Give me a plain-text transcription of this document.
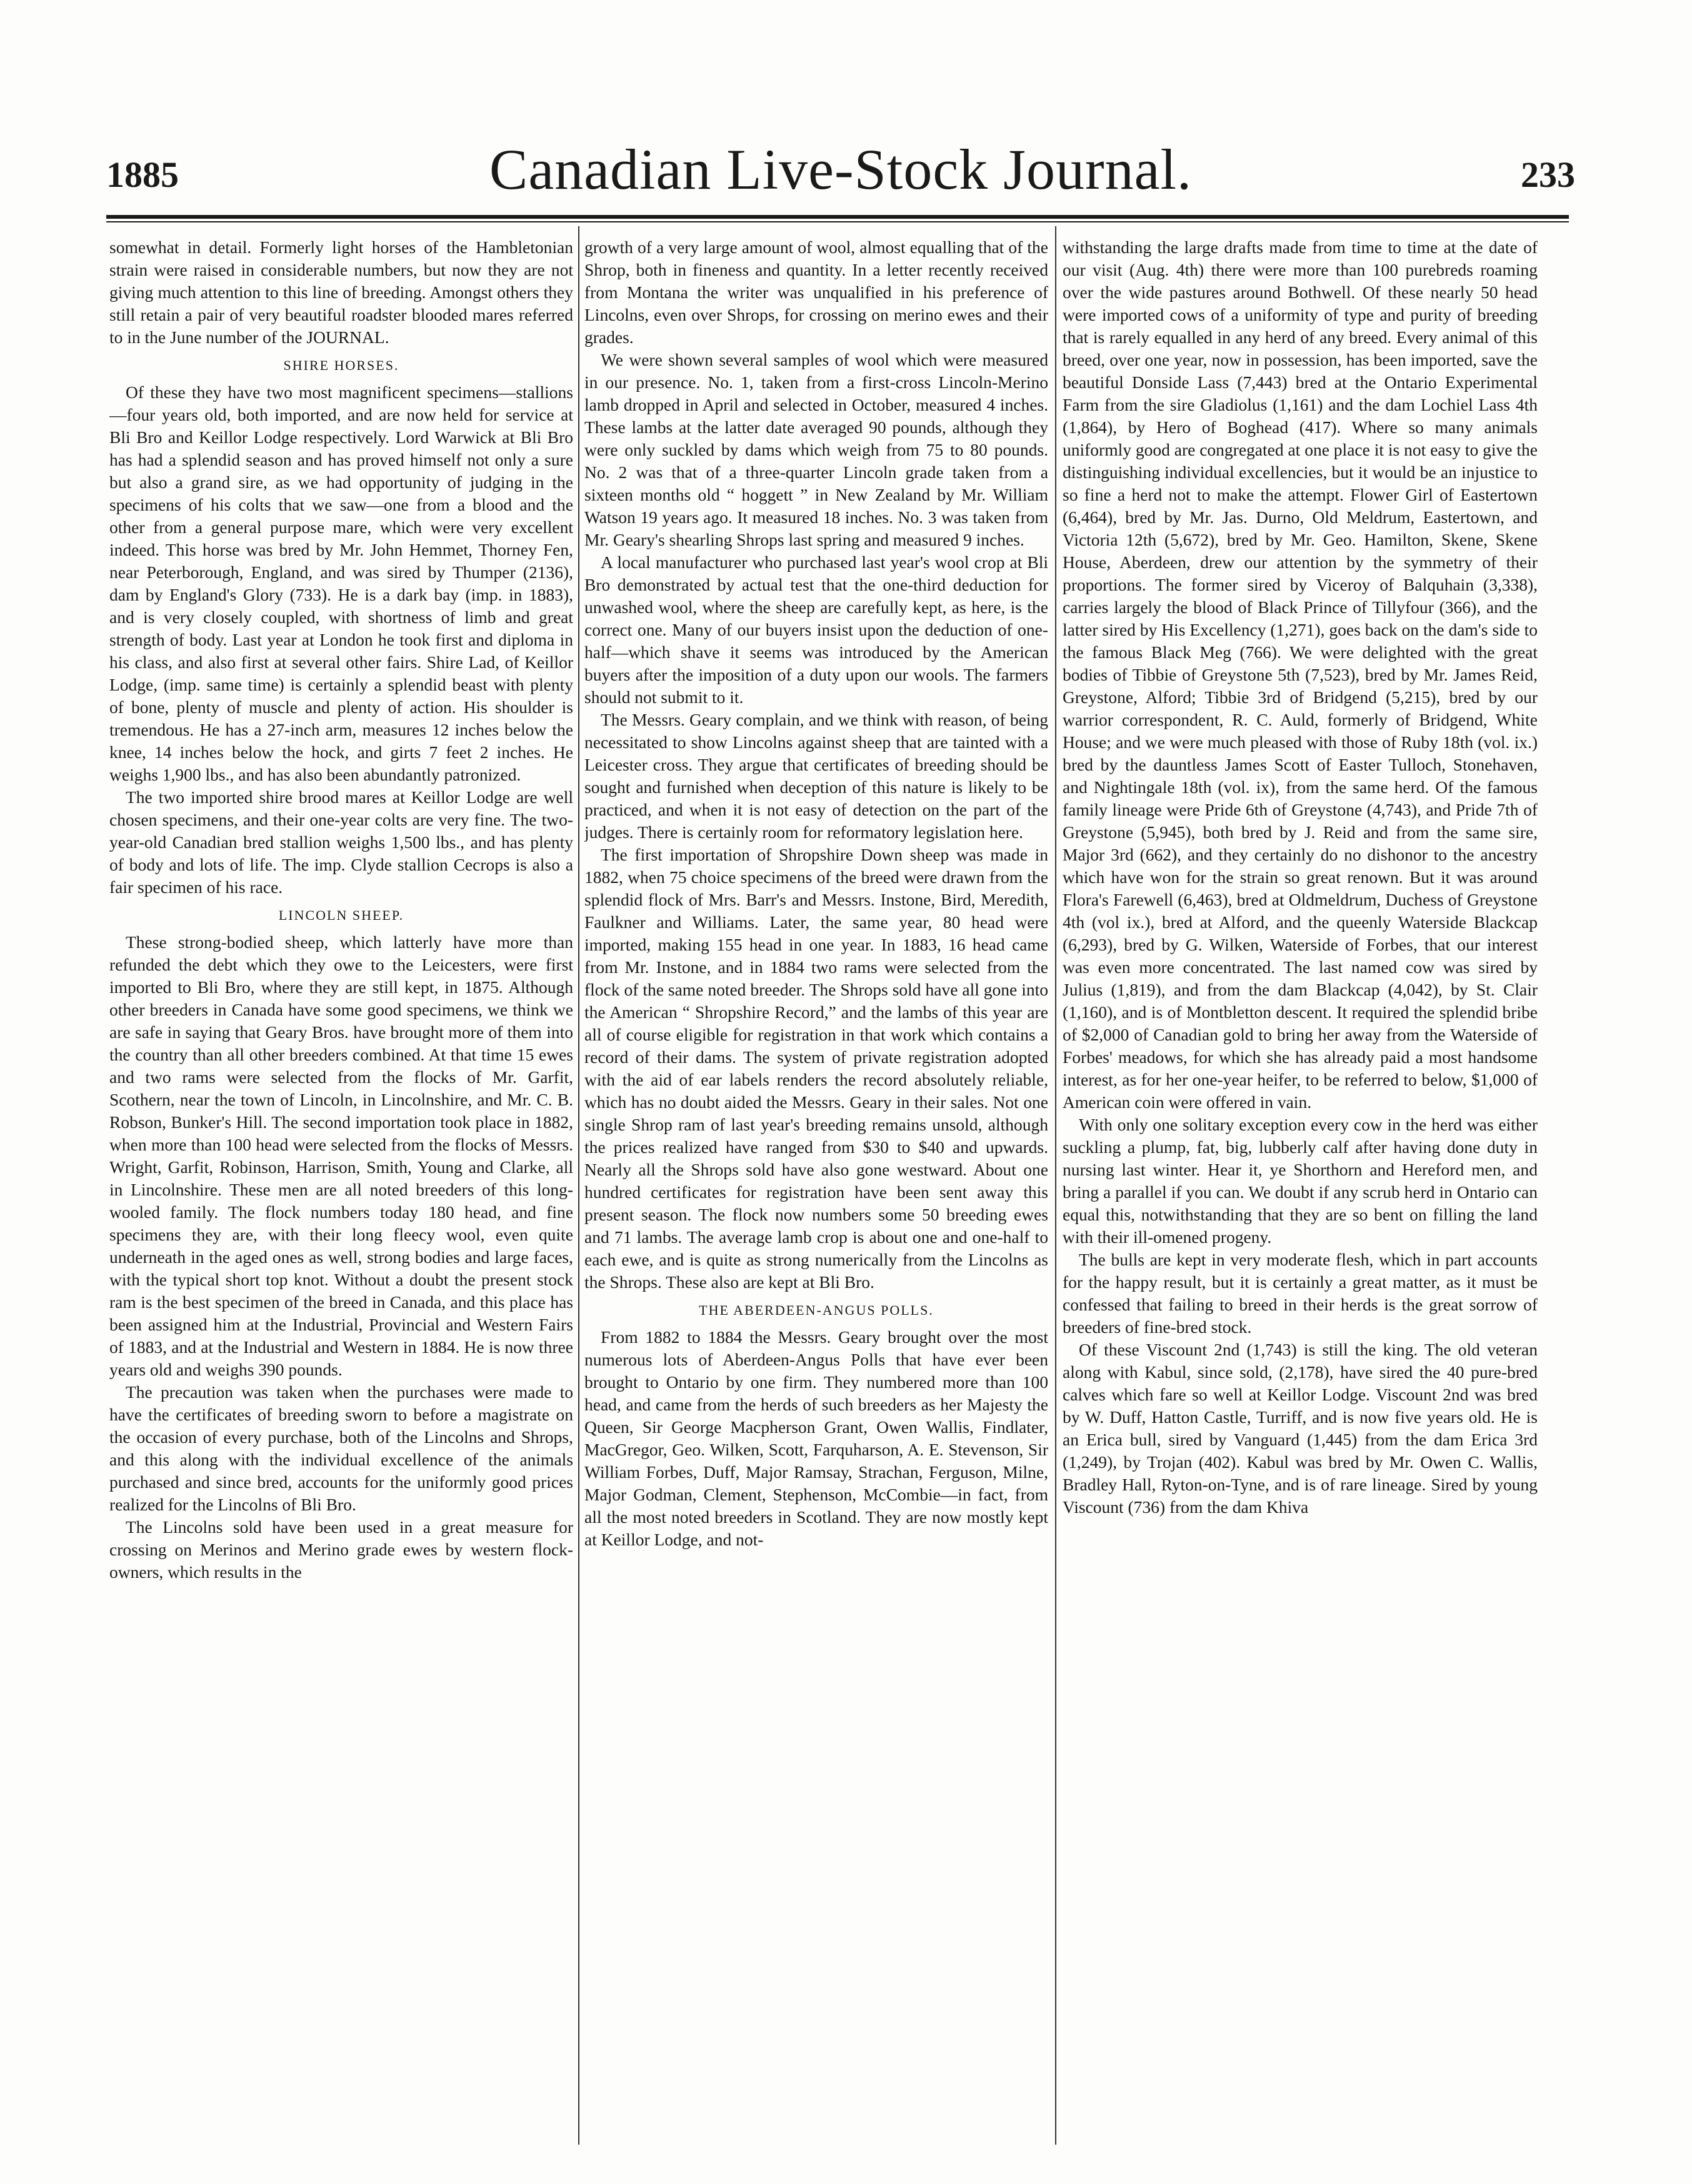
1885	Canadian Live-Stock Journal.	233

somewhat in detail. Formerly light horses of the Hambletonian strain were raised in considerable numbers, but now they are not giving much attention to this line of breeding. Amongst others they still retain a pair of very beautiful roadster blooded mares referred to in the June number of the JOURNAL.

SHIRE HORSES.

Of these they have two most magnificent specimens—stallions—four years old, both imported, and are now held for service at Bli Bro and Keillor Lodge respectively. Lord Warwick at Bli Bro has had a splendid season and has proved himself not only a sure but also a grand sire, as we had opportunity of judging in the specimens of his colts that we saw—one from a blood and the other from a general purpose mare, which were very excellent indeed. This horse was bred by Mr. John Hemmet, Thorney Fen, near Peterborough, England, and was sired by Thumper (2136), dam by England's Glory (733). He is a dark bay (imp. in 1883), and is very closely coupled, with shortness of limb and great strength of body. Last year at London he took first and diploma in his class, and also first at several other fairs. Shire Lad, of Keillor Lodge, (imp. same time) is certainly a splendid beast with plenty of bone, plenty of muscle and plenty of action. His shoulder is tremendous. He has a 27-inch arm, measures 12 inches below the knee, 14 inches below the hock, and girts 7 feet 2 inches. He weighs 1,900 lbs., and has also been abundantly patronized.

The two imported shire brood mares at Keillor Lodge are well chosen specimens, and their one-year colts are very fine. The two-year-old Canadian bred stallion weighs 1,500 lbs., and has plenty of body and lots of life. The imp. Clyde stallion Cecrops is also a fair specimen of his race.

LINCOLN SHEEP.

These strong-bodied sheep, which latterly have more than refunded the debt which they owe to the Leicesters, were first imported to Bli Bro, where they are still kept, in 1875. Although other breeders in Canada have some good specimens, we think we are safe in saying that Geary Bros. have brought more of them into the country than all other breeders combined. At that time 15 ewes and two rams were selected from the flocks of Mr. Garfit, Scothern, near the town of Lincoln, in Lincolnshire, and Mr. C. B. Robson, Bunker's Hill. The second importation took place in 1882, when more than 100 head were selected from the flocks of Messrs. Wright, Garfit, Robinson, Harrison, Smith, Young and Clarke, all in Lincolnshire. These men are all noted breeders of this long-wooled family. The flock numbers today 180 head, and fine specimens they are, with their long fleecy wool, even quite underneath in the aged ones as well, strong bodies and large faces, with the typical short top knot. Without a doubt the present stock ram is the best specimen of the breed in Canada, and this place has been assigned him at the Industrial, Provincial and Western Fairs of 1883, and at the Industrial and Western in 1884. He is now three years old and weighs 390 pounds.

The precaution was taken when the purchases were made to have the certificates of breeding sworn to before a magistrate on the occasion of every purchase, both of the Lincolns and Shrops, and this along with the individual excellence of the animals purchased and since bred, accounts for the uniformly good prices realized for the Lincolns of Bli Bro.

The Lincolns sold have been used in a great measure for crossing on Merinos and Merino grade ewes by western flock-owners, which results in the

growth of a very large amount of wool, almost equalling that of the Shrop, both in fineness and quantity. In a letter recently received from Montana the writer was unqualified in his preference of Lincolns, even over Shrops, for crossing on merino ewes and their grades.

We were shown several samples of wool which were measured in our presence. No. 1, taken from a first-cross Lincoln-Merino lamb dropped in April and selected in October, measured 4 inches. These lambs at the latter date averaged 90 pounds, although they were only suckled by dams which weigh from 75 to 80 pounds. No. 2 was that of a three-quarter Lincoln grade taken from a sixteen months old “ hoggett ” in New Zealand by Mr. William Watson 19 years ago. It measured 18 inches. No. 3 was taken from Mr. Geary's shearling Shrops last spring and measured 9 inches.

A local manufacturer who purchased last year's wool crop at Bli Bro demonstrated by actual test that the one-third deduction for unwashed wool, where the sheep are carefully kept, as here, is the correct one. Many of our buyers insist upon the deduction of one-half—which shave it seems was introduced by the American buyers after the imposition of a duty upon our wools. The farmers should not submit to it.

The Messrs. Geary complain, and we think with reason, of being necessitated to show Lincolns against sheep that are tainted with a Leicester cross. They argue that certificates of breeding should be sought and furnished when deception of this nature is likely to be practiced, and when it is not easy of detection on the part of the judges. There is certainly room for reformatory legislation here.

The first importation of Shropshire Down sheep was made in 1882, when 75 choice specimens of the breed were drawn from the splendid flock of Mrs. Barr's and Messrs. Instone, Bird, Meredith, Faulkner and Williams. Later, the same year, 80 head were imported, making 155 head in one year. In 1883, 16 head came from Mr. Instone, and in 1884 two rams were selected from the flock of the same noted breeder. The Shrops sold have all gone into the American “ Shropshire Record,” and the lambs of this year are all of course eligible for registration in that work which contains a record of their dams. The system of private registration adopted with the aid of ear labels renders the record absolutely reliable, which has no doubt aided the Messrs. Geary in their sales. Not one single Shrop ram of last year's breeding remains unsold, although the prices realized have ranged from $30 to $40 and upwards. Nearly all the Shrops sold have also gone westward. About one hundred certificates for registration have been sent away this present season. The flock now numbers some 50 breeding ewes and 71 lambs. The average lamb crop is about one and one-half to each ewe, and is quite as strong numerically from the Lincolns as the Shrops. These also are kept at Bli Bro.

THE ABERDEEN-ANGUS POLLS.

From 1882 to 1884 the Messrs. Geary brought over the most numerous lots of Aberdeen-Angus Polls that have ever been brought to Ontario by one firm. They numbered more than 100 head, and came from the herds of such breeders as her Majesty the Queen, Sir George Macpherson Grant, Owen Wallis, Findlater, MacGregor, Geo. Wilken, Scott, Farquharson, A. E. Stevenson, Sir William Forbes, Duff, Major Ramsay, Strachan, Ferguson, Milne, Major Godman, Clement, Stephenson, McCombie—in fact, from all the most noted breeders in Scotland. They are now mostly kept at Keillor Lodge, and not-

withstanding the large drafts made from time to time at the date of our visit (Aug. 4th) there were more than 100 purebreds roaming over the wide pastures around Bothwell. Of these nearly 50 head were imported cows of a uniformity of type and purity of breeding that is rarely equalled in any herd of any breed. Every animal of this breed, over one year, now in possession, has been imported, save the beautiful Donside Lass (7,443) bred at the Ontario Experimental Farm from the sire Gladiolus (1,161) and the dam Lochiel Lass 4th (1,864), by Hero of Boghead (417). Where so many animals uniformly good are congregated at one place it is not easy to give the distinguishing individual excellencies, but it would be an injustice to so fine a herd not to make the attempt. Flower Girl of Eastertown (6,464), bred by Mr. Jas. Durno, Old Meldrum, Eastertown, and Victoria 12th (5,672), bred by Mr. Geo. Hamilton, Skene, Skene House, Aberdeen, drew our attention by the symmetry of their proportions. The former sired by Viceroy of Balquhain (3,338), carries largely the blood of Black Prince of Tillyfour (366), and the latter sired by His Excellency (1,271), goes back on the dam's side to the famous Black Meg (766). We were delighted with the great bodies of Tibbie of Greystone 5th (7,523), bred by Mr. James Reid, Greystone, Alford; Tibbie 3rd of Bridgend (5,215), bred by our warrior correspondent, R. C. Auld, formerly of Bridgend, White House; and we were much pleased with those of Ruby 18th (vol. ix.) bred by the dauntless James Scott of Easter Tulloch, Stonehaven, and Nightingale 18th (vol. ix), from the same herd. Of the famous family lineage were Pride 6th of Greystone (4,743), and Pride 7th of Greystone (5,945), both bred by J. Reid and from the same sire, Major 3rd (662), and they certainly do no dishonor to the ancestry which have won for the strain so great renown. But it was around Flora's Farewell (6,463), bred at Oldmeldrum, Duchess of Greystone 4th (vol ix.), bred at Alford, and the queenly Waterside Blackcap (6,293), bred by G. Wilken, Waterside of Forbes, that our interest was even more concentrated. The last named cow was sired by Julius (1,819), and from the dam Blackcap (4,042), by St. Clair (1,160), and is of Montbletton descent. It required the splendid bribe of $2,000 of Canadian gold to bring her away from the Waterside of Forbes' meadows, for which she has already paid a most handsome interest, as for her one-year heifer, to be referred to below, $1,000 of American coin were offered in vain.

With only one solitary exception every cow in the herd was either suckling a plump, fat, big, lubberly calf after having done duty in nursing last winter. Hear it, ye Shorthorn and Hereford men, and bring a parallel if you can. We doubt if any scrub herd in Ontario can equal this, notwithstanding that they are so bent on filling the land with their ill-omened progeny.

The bulls are kept in very moderate flesh, which in part accounts for the happy result, but it is certainly a great matter, as it must be confessed that failing to breed in their herds is the great sorrow of breeders of fine-bred stock.

Of these Viscount 2nd (1,743) is still the king. The old veteran along with Kabul, since sold, (2,178), have sired the 40 pure-bred calves which fare so well at Keillor Lodge. Viscount 2nd was bred by W. Duff, Hatton Castle, Turriff, and is now five years old. He is an Erica bull, sired by Vanguard (1,445) from the dam Erica 3rd (1,249), by Trojan (402). Kabul was bred by Mr. Owen C. Wallis, Bradley Hall, Ryton-on-Tyne, and is of rare lineage. Sired by young Viscount (736) from the dam Khiva
